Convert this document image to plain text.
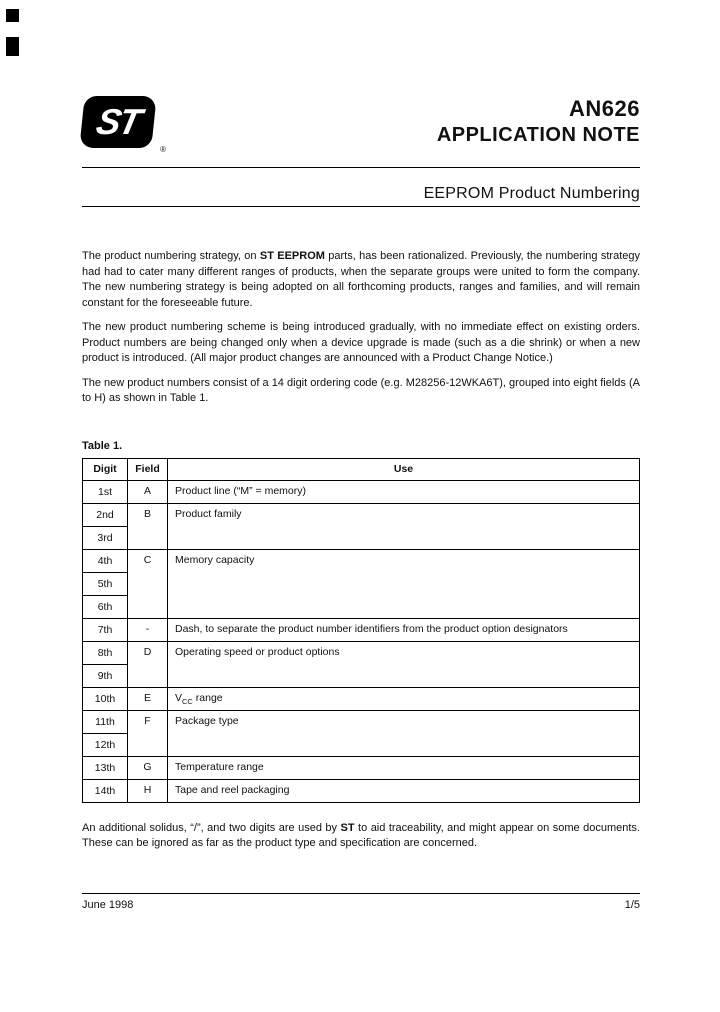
ST
®
AN626
APPLICATION NOTE
EEPROM Product Numbering

The product numbering strategy, on ST EEPROM parts, has been rationalized. Previously, the numbering strategy had had to cater many different ranges of products, when the separate groups were united to form the company. The new numbering strategy is being adopted on all forthcoming products, ranges and families, and will remain constant for the foreseeable future.

The new product numbering scheme is being introduced gradually, with no immediate effect on existing orders. Product numbers are being changed only when a device upgrade is made (such as a die shrink) or when a new product is introduced. (All major product changes are announced with a Product Change Notice.)

The new product numbers consist of a 14 digit ordering code (e.g. M28256-12WKA6T), grouped into eight fields (A to H) as shown in Table 1.

Table 1.
Digit	Field	Use
1st	A	Product line (“M” = memory)
2nd	B	Product family
3rd		
4th	C	Memory capacity
5th		
6th		
7th	-	Dash, to separate the product number identifiers from the product option designators
8th	D	Operating speed or product options
9th		
10th	E	$V_{CC}$ range
11th	F	Package type
12th		
13th	G	Temperature range
14th	H	Tape and reel packaging

An additional solidus, “/”, and two digits are used by ST to aid traceability, and might appear on some documents. These can be ignored as far as the product type and specification are concerned.

June 1998	1/5
